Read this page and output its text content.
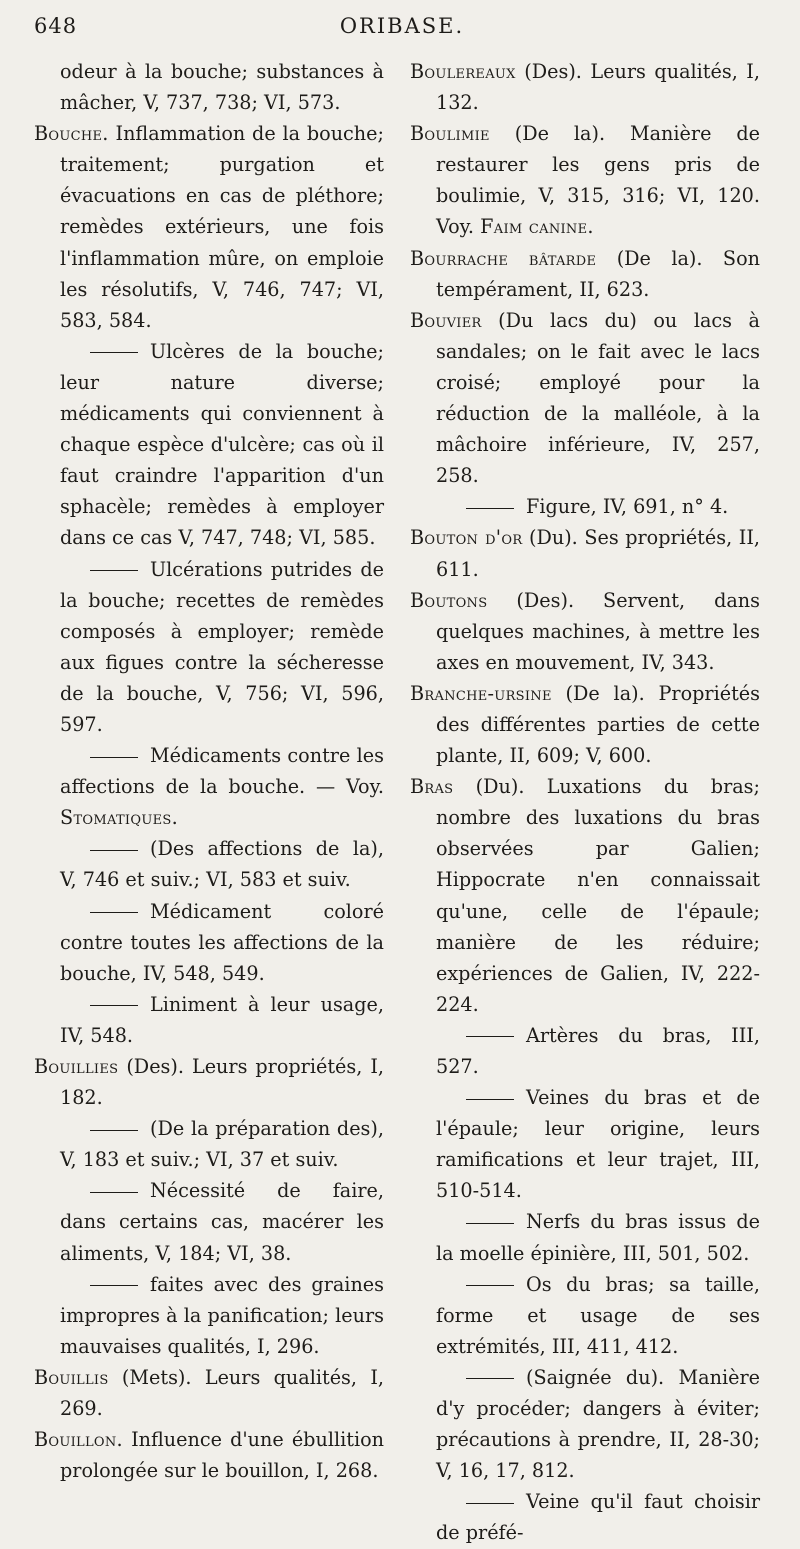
648	ORIBASE.
odeur à la bouche; substances à mâcher, V, 737, 738; VI, 573.
Bouche. Inflammation de la bouche; traitement; purgation et évacuations en cas de pléthore; remèdes extérieurs, une fois l'inflammation mûre, on emploie les résolutifs, V, 746, 747; VI, 583, 584.
Ulcères de la bouche; leur nature diverse; médicaments qui conviennent à chaque espèce d'ulcère; cas où il faut craindre l'apparition d'un sphacèle; remèdes à employer dans ce cas V, 747, 748; VI, 585.
Ulcérations putrides de la bouche; recettes de remèdes composés à employer; remède aux figues contre la sécheresse de la bouche, V, 756; VI, 596, 597.
Médicaments contre les affections de la bouche. — Voy. Stomatiques.
(Des affections de la), V, 746 et suiv.; VI, 583 et suiv.
Médicament coloré contre toutes les affections de la bouche, IV, 548, 549.
Liniment à leur usage, IV, 548.
Bouillies (Des). Leurs propriétés, I, 182.
(De la préparation des), V, 183 et suiv.; VI, 37 et suiv.
Nécessité de faire, dans certains cas, macérer les aliments, V, 184; VI, 38.
faites avec des graines impropres à la panification; leurs mauvaises qualités, I, 296.
Bouillis (Mets). Leurs qualités, I, 269.
Bouillon. Influence d'une ébullition prolongée sur le bouillon, I, 268.
Boulereaux (Des). Leurs qualités, I, 132.
Boulimie (De la). Manière de restaurer les gens pris de boulimie, V, 315, 316; VI, 120. Voy. Faim canine.
Bourrache bâtarde (De la). Son tempérament, II, 623.
Bouvier (Du lacs du) ou lacs à sandales; on le fait avec le lacs croisé; employé pour la réduction de la malléole, à la mâchoire inférieure, IV, 257, 258.
Figure, IV, 691, n° 4.
Bouton d'or (Du). Ses propriétés, II, 611.
Boutons (Des). Servent, dans quelques machines, à mettre les axes en mouvement, IV, 343.
Branche-ursine (De la). Propriétés des différentes parties de cette plante, II, 609; V, 600.
Bras (Du). Luxations du bras; nombre des luxations du bras observées par Galien; Hippocrate n'en connaissait qu'une, celle de l'épaule; manière de les réduire; expériences de Galien, IV, 222-224.
Artères du bras, III, 527.
Veines du bras et de l'épaule; leur origine, leurs ramifications et leur trajet, III, 510-514.
Nerfs du bras issus de la moelle épinière, III, 501, 502.
Os du bras; sa taille, forme et usage de ses extrémités, III, 411, 412.
(Saignée du). Manière d'y procéder; dangers à éviter; précautions à prendre, II, 28-30; V, 16, 17, 812.
Veine qu'il faut choisir de préfé-
